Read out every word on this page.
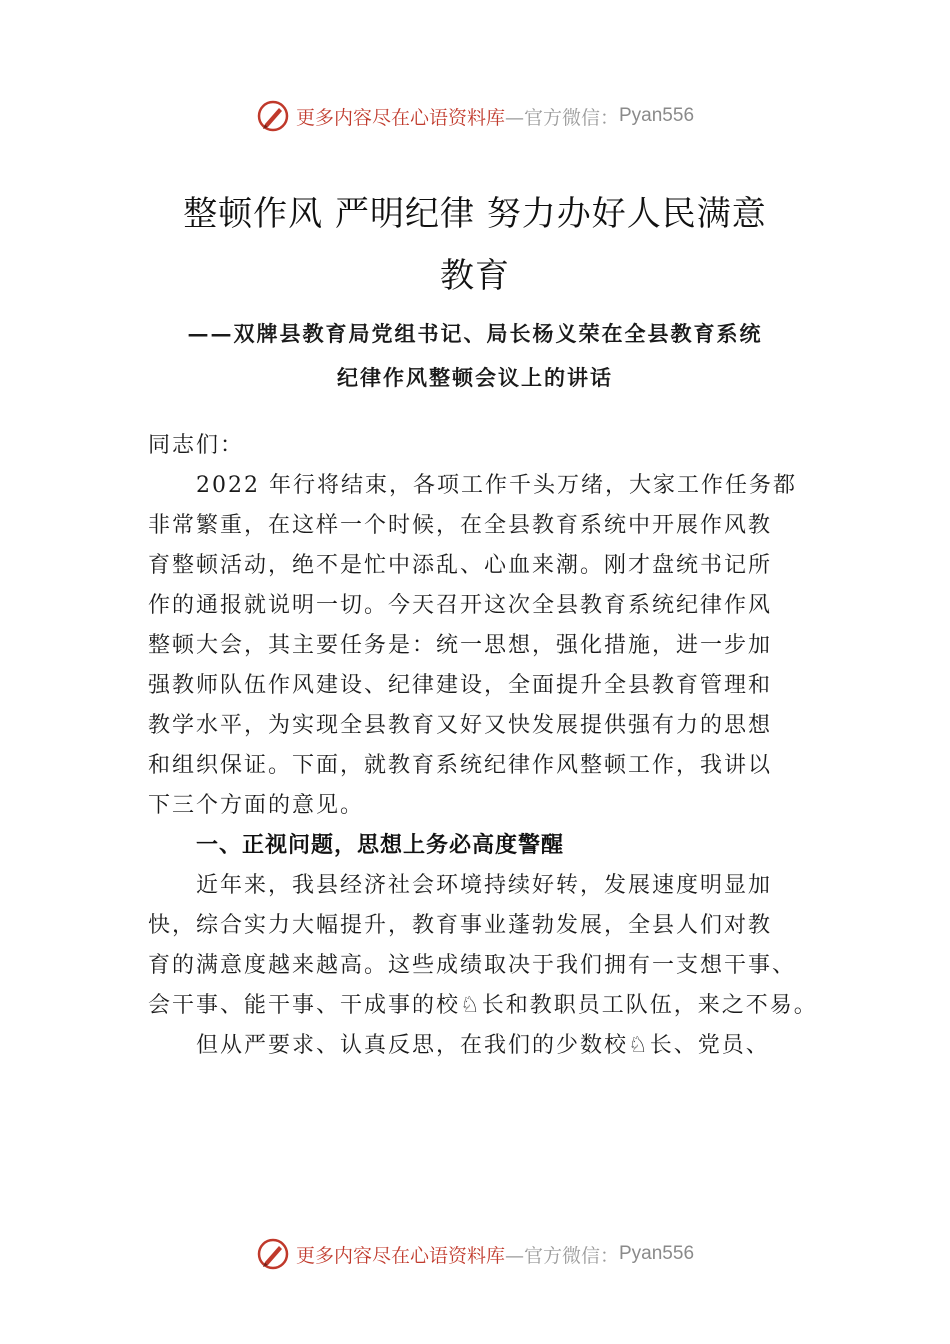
更多内容尽在心语资料库 —官方微信： Pyan556
整顿作风 严明纪律 努力办好人民满意
教育
——双牌县教育局党组书记、局长杨义荣在全县教育系统
纪律作风整顿会议上的讲话
同志们：
2022 年行将结束，各项工作千头万绪，大家工作任务都
非常繁重，在这样一个时候，在全县教育系统中开展作风教
育整顿活动，绝不是忙中添乱、心血来潮。刚才盘统书记所
作的通报就说明一切。今天召开这次全县教育系统纪律作风
整顿大会，其主要任务是：统一思想，强化措施，进一步加
强教师队伍作风建设、纪律建设，全面提升全县教育管理和
教学水平，为实现全县教育又好又快发展提供强有力的思想
和组织保证。下面，就教育系统纪律作风整顿工作，我讲以
下三个方面的意见。
一、正视问题，思想上务必高度警醒
近年来，我县经济社会环境持续好转，发展速度明显加
快，综合实力大幅提升，教育事业蓬勃发展，全县人们对教
育的满意度越来越高。这些成绩取决于我们拥有一支想干事、
会干事、能干事、干成事的校♘长和教职员工队伍，来之不易。
但从严要求、认真反思，在我们的少数校♘长、党员、
更多内容尽在心语资料库 —官方微信： Pyan556
